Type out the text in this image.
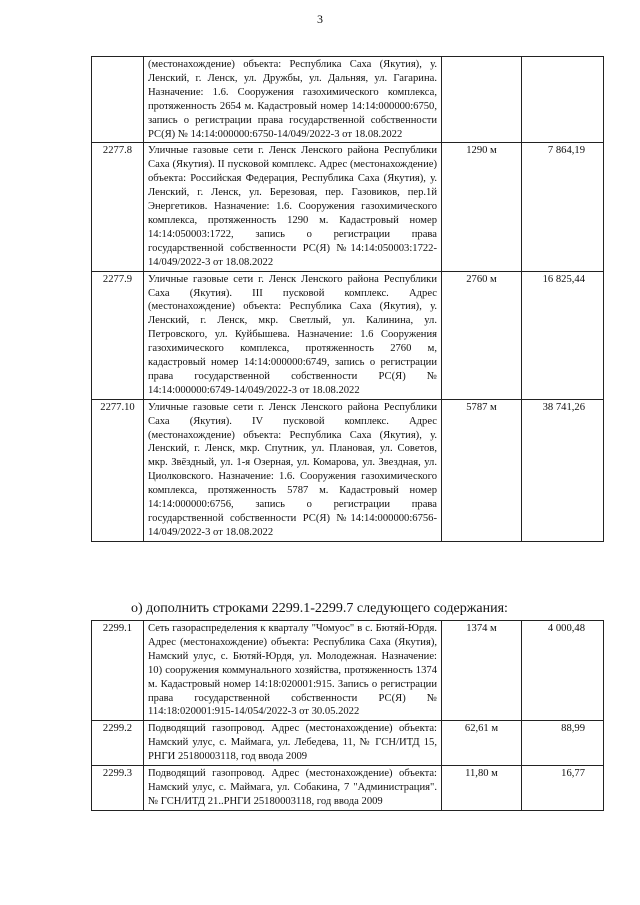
3
	(местонахождение) объекта: Республика Саха (Якутия), у. Ленский, г. Ленск, ул. Дружбы, ул. Дальняя, ул. Гагарина. Назначение: 1.6. Сооружения газохимического комплекса, протяженность 2654 м. Кадастровый номер 14:14:000000:6750, запись о регистрации права государственной собственности РС(Я) № 14:14:000000:6750-14/049/2022-3 от 18.08.2022		
2277.8	Уличные газовые сети г. Ленск Ленского района Республики Саха (Якутия). II пусковой комплекс. Адрес (местонахождение) объекта: Российская Федерация, Республика Саха (Якутия), у. Ленский, г. Ленск, ул. Березовая, пер. Газовиков, пер.1й Энергетиков. Назначение: 1.6. Сооружения газохимического комплекса, протяженность 1290 м. Кадастровый номер 14:14:050003:1722, запись о регистрации права государственной собственности РС(Я) №14:14:050003:1722-14/049/2022-3 от 18.08.2022	1290 м	7 864,19
2277.9	Уличные газовые сети г. Ленск Ленского района Республики Саха (Якутия). III пусковой комплекс. Адрес (местонахождение) объекта: Республика Саха (Якутия), у. Ленский, г. Ленск, мкр. Светлый, ул. Калинина, ул. Петровского, ул. Куйбышева. Назначение: 1.6 Сооружения газохимического комплекса, протяженность 2760 м, кадастровый номер 14:14:000000:6749, запись о регистрации права государственной собственности РС(Я) № 14:14:000000:6749-14/049/2022-3 от 18.08.2022	2760 м	16 825,44
2277.10	Уличные газовые сети г. Ленск Ленского района Республики Саха (Якутия). IV пусковой комплекс. Адрес (местонахождение) объекта: Республика Саха (Якутия), у. Ленский, г. Ленск, мкр. Спутник, ул. Плановая, ул. Советов, мкр. Звёздный, ул. 1-я Озерная, ул. Комарова, ул. Звездная, ул. Циолковского. Назначение: 1.6. Сооружения газохимического комплекса, протяженность 5787 м. Кадастровый номер 14:14:000000:6756, запись о регистрации права государственной собственности РС(Я) №14:14:000000:6756-14/049/2022-3 от 18.08.2022	5787 м	38 741,26
о) дополнить строками 2299.1-2299.7 следующего содержания:
2299.1	Сеть газораспределения к кварталу "Чомуос" в с. Бютяй-Юрдя. Адрес (местонахождение) объекта: Республика Саха (Якутия), Намский улус, с. Бютяй-Юрдя, ул. Молодежная. Назначение: 10) сооружения коммунального хозяйства, протяженность 1374 м. Кадастровый номер 14:18:020001:915. Запись о регистрации права государственной собственности РС(Я) № 114:18:020001:915-14/054/2022-3 от 30.05.2022	1374 м	4 000,48
2299.2	Подводящий газопровод. Адрес (местонахождение) объекта: Намский улус, с. Маймага, ул. Лебедева, 11, № ГСН/ИТД 15, РНГИ 25180003118, год ввода 2009	62,61 м	88,99
2299.3	Подводящий газопровод. Адрес (местонахождение) объекта: Намский улус, с. Маймага, ул. Собакина, 7 "Администрация". № ГСН/ИТД 21..РНГИ 25180003118, год ввода 2009	11,80 м	16,77
